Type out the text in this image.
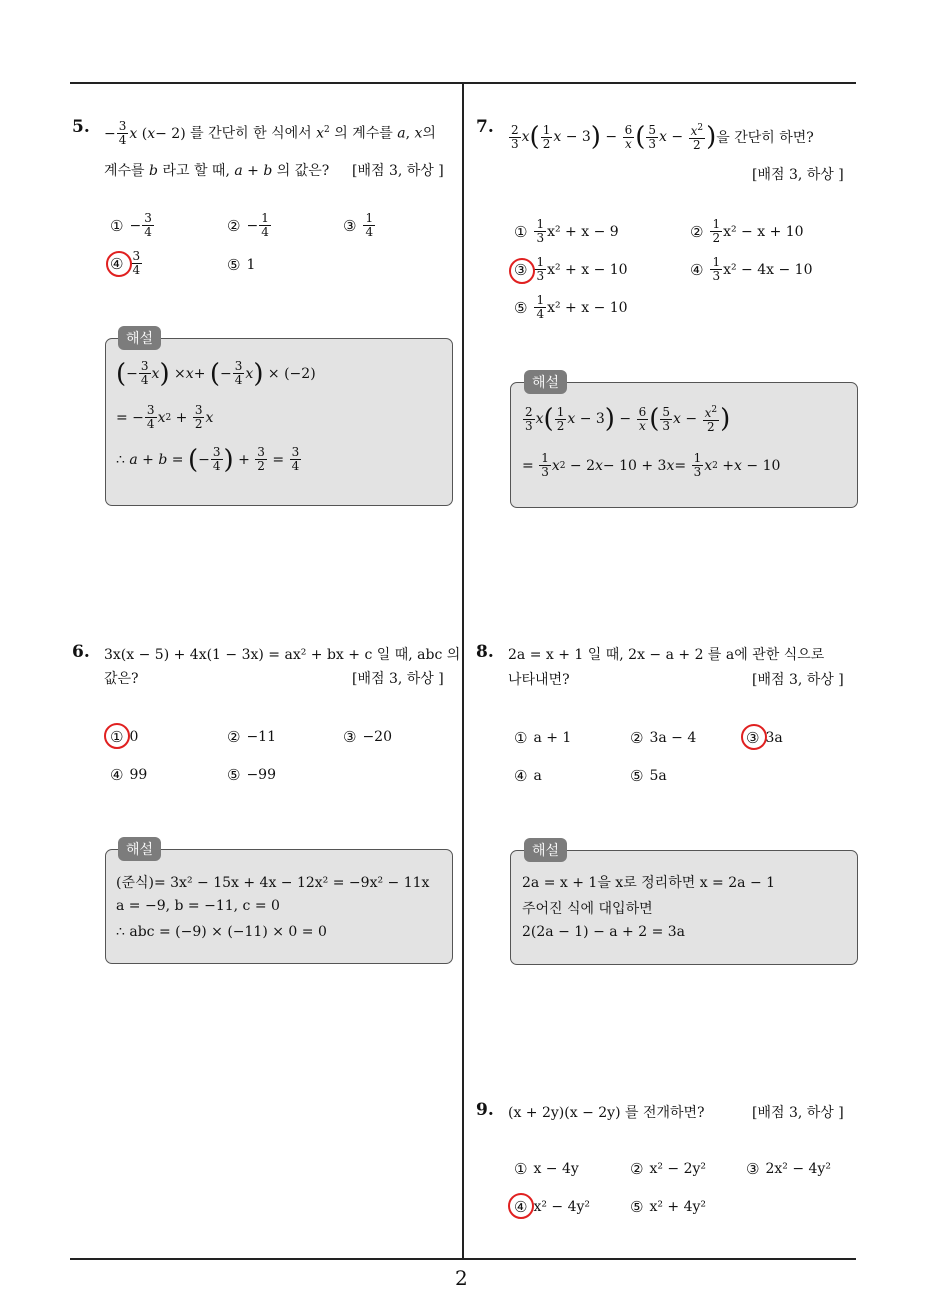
5. − $\frac{3}{4}$ x ( x − 2) 를 간단히 한 식에서 $x^2$ 의 계수를 a, x의
계수를 b 라고 할 때, a + b 의 값은? [배점 3, 하상 ]
① − $\frac{3}{4}$	② − $\frac{1}{4}$	③ $\frac{1}{4}$
④ $\frac{3}{4}$	⑤ 1
해설
( − $\frac{3}{4}$ x ) × x + ( − $\frac{3}{4}$ x ) × (−2)
= − $\frac{3}{4}$ x $2 + \frac{3}{2}$ x
∴ a + b = ( − $\frac{3}{4}$ ) + $\frac{3}{2} = \frac{3}{4}$
6. 3x(x − 5) + 4x(1 − 3x) = ax² + bx + c 일 때, abc 의
값은?	[배점 3, 하상 ]
① 0	② −11	③ −20
④ 99	⑤ −99
해설
(준식)= 3x² − 15x + 4x − 12x² = −9x² − 11x
a = −9, b = −11, c = 0
∴ abc = (−9) × (−11) × 0 = 0
7. $\frac{2}{3}$ x ( $\frac{1}{2}$ x − 3 ) − $\frac{6}{x}$ ( $\frac{5}{3}$ $x - \frac{x^2}{2}$ ) 을 간단히 하면?
[배점 3, 하상 ]
① $\frac{1}{3} x^2 + x - 9$	② $\frac{1}{2} x^2 - x + 10$
③ $\frac{1}{3} x^2 + x - 10$	④ $\frac{1}{3} x^2 - 4x - 10$
⑤ $\frac{1}{4} x^2 + x - 10$
해설
$\frac{2}{3}$ x ( $\frac{1}{2}$ x − 3 ) − $\frac{6}{x}$ ( $\frac{5}{3}$ $x - \frac{x^2}{2}$ )
= $\frac{1}{3}$ x 2 − 2 x − 10 + 3 $x = \frac{1}{3}$ x 2 + x − 10
8. 2a = x + 1 일 때, 2x − a + 2 를 a에 관한 식으로
나타내면?	[배점 3, 하상 ]
① a + 1	② 3a − 4	③ 3a
④ a	⑤ 5a
해설
2a = x + 1을 x로 정리하면 x = 2a − 1
주어진 식에 대입하면
2(2a − 1) − a + 2 = 3a
9. (x + 2y)(x − 2y) 를 전개하면?	[배점 3, 하상 ]
① x − 4y	② x² − 2y²	③ 2x² − 4y²
④ x² − 4y²	⑤ x² + 4y²
2
